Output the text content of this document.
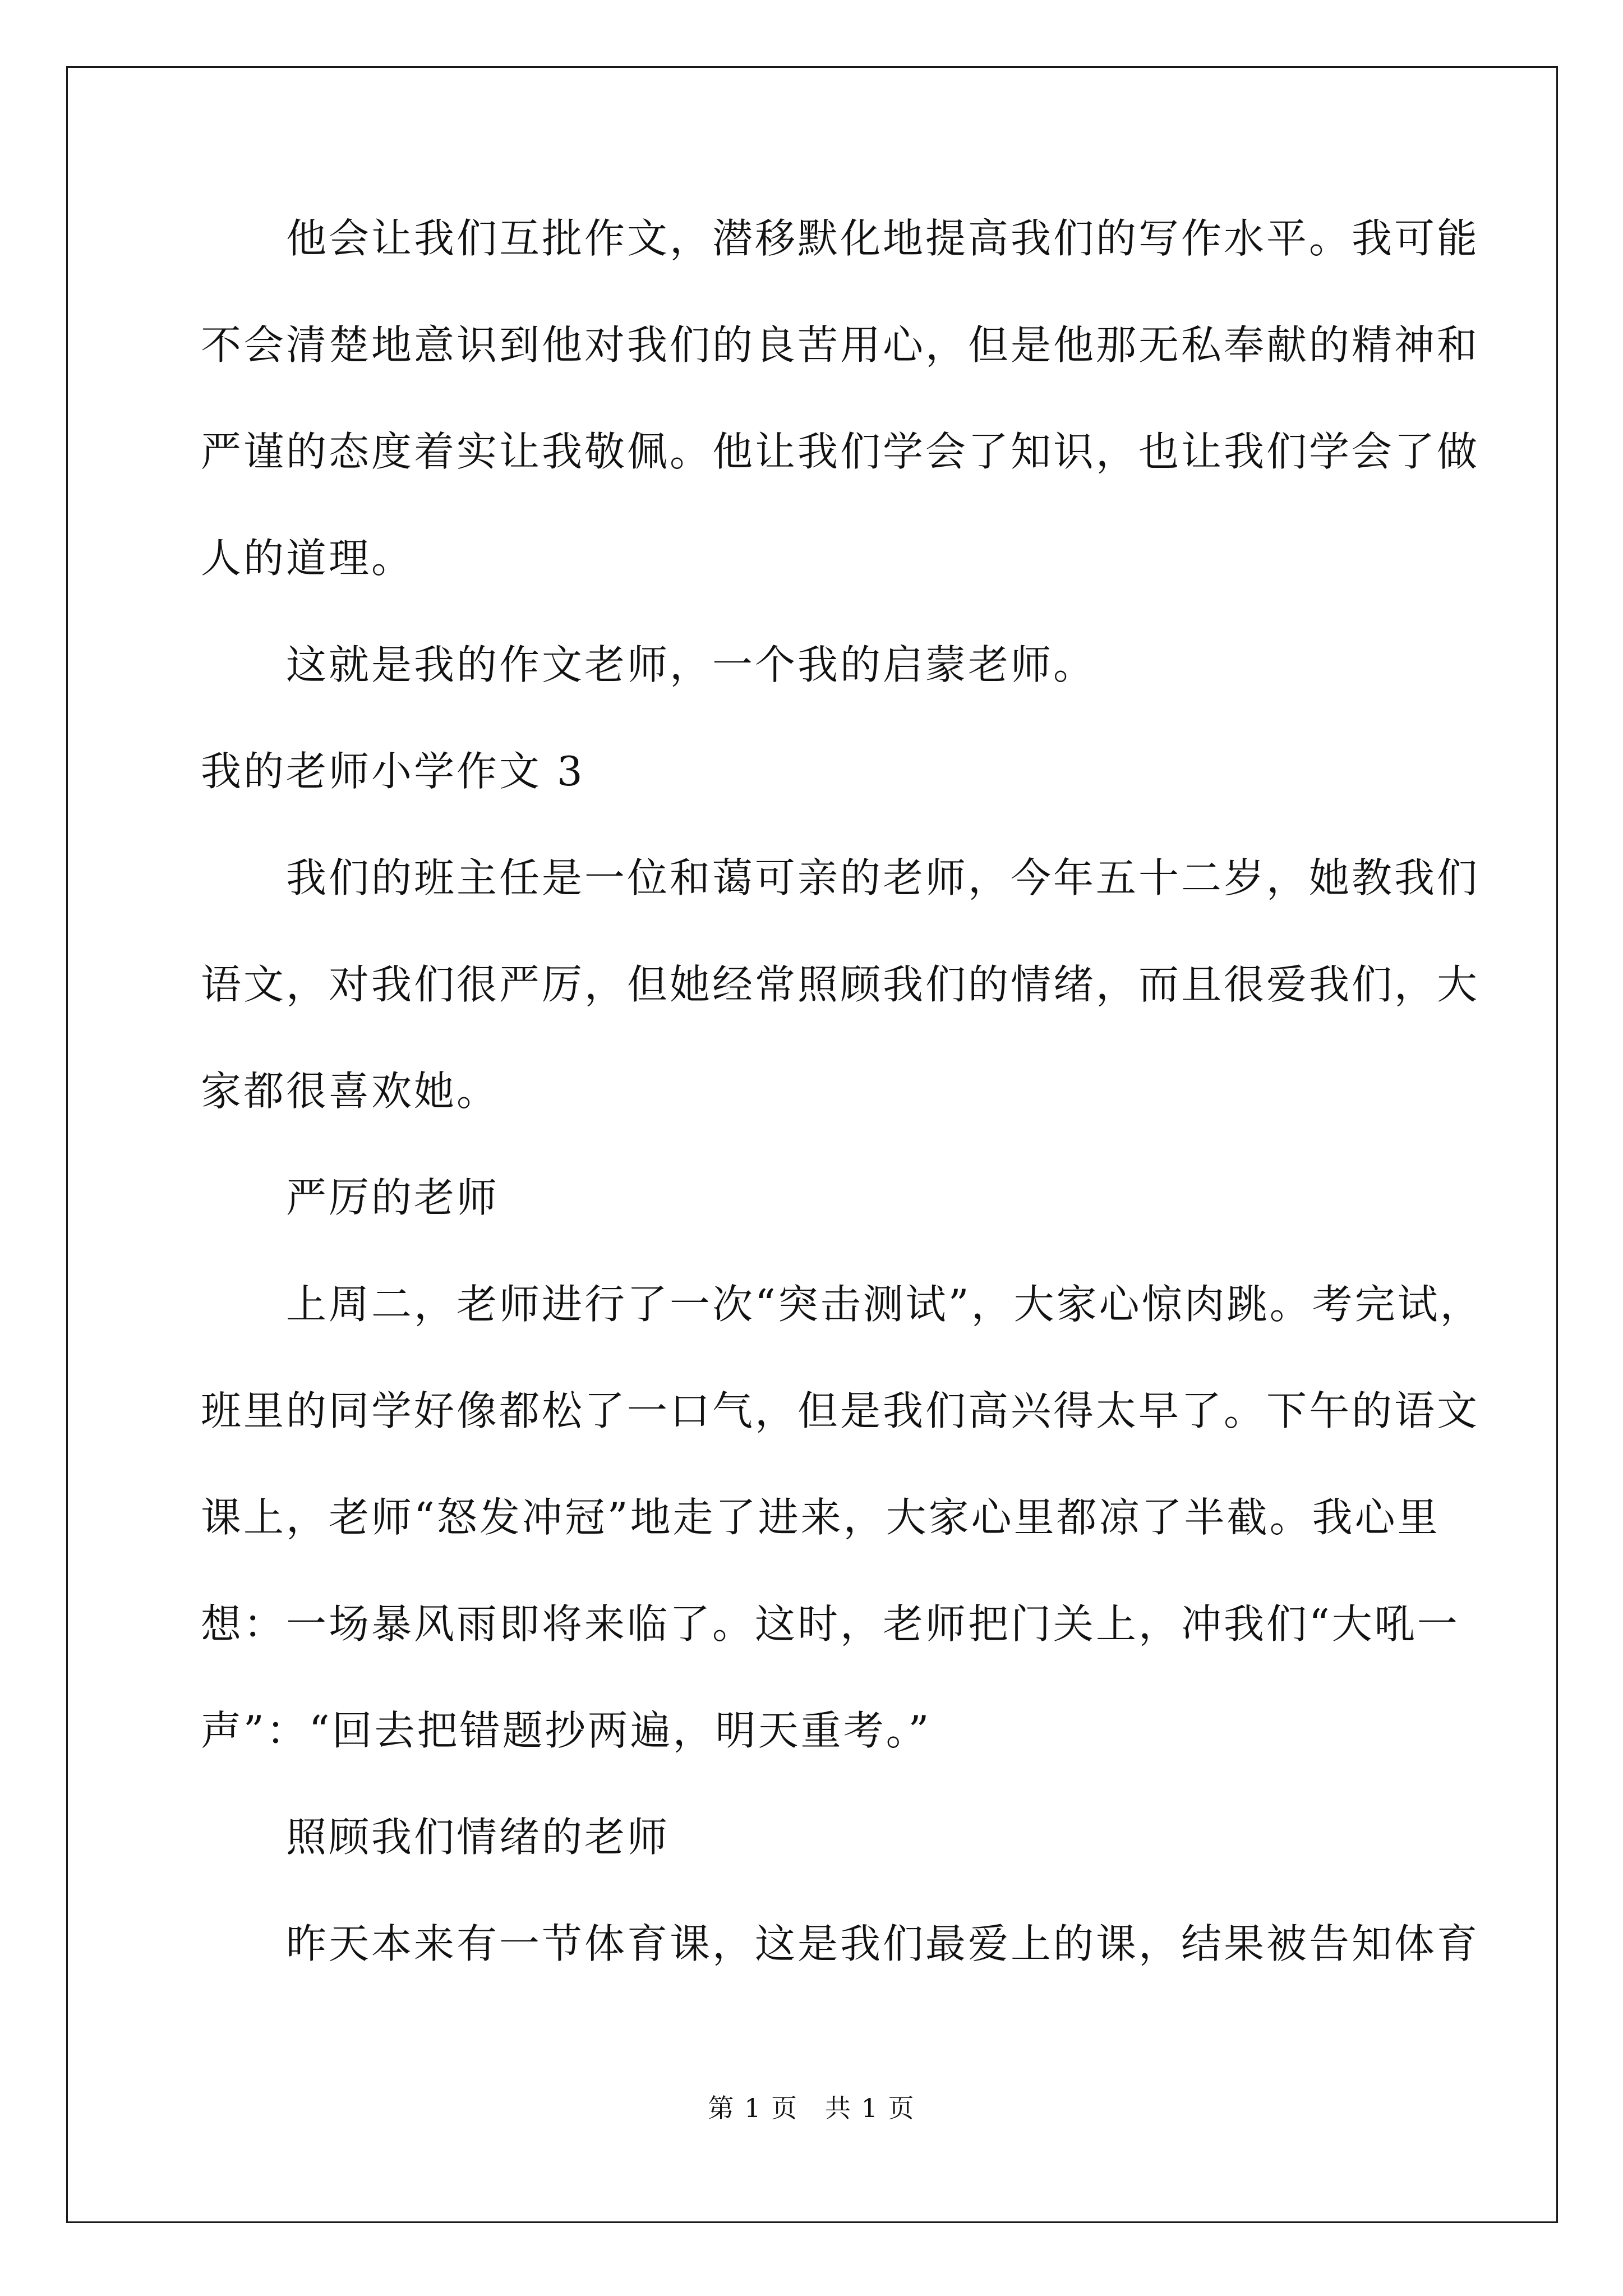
　　他会让我们互批作文，潜移默化地提高我们的写作水平。我可能
不会清楚地意识到他对我们的良苦用心，但是他那无私奉献的精神和
严谨的态度着实让我敬佩。他让我们学会了知识，也让我们学会了做
人的道理。
　　这就是我的作文老师，一个我的启蒙老师。
我的老师小学作文 3
　　我们的班主任是一位和蔼可亲的老师，今年五十二岁，她教我们
语文，对我们很严厉，但她经常照顾我们的情绪，而且很爱我们，大
家都很喜欢她。
　　严厉的老师
　　上周二，老师进行了一次“突击测试”，大家心惊肉跳。考完试，
班里的同学好像都松了一口气，但是我们高兴得太早了。下午的语文
课上，老师“怒发冲冠”地走了进来，大家心里都凉了半截。我心里
想：一场暴风雨即将来临了。这时，老师把门关上，冲我们“大吼一
声”：“回去把错题抄两遍，明天重考。”
　　照顾我们情绪的老师
　　昨天本来有一节体育课，这是我们最爱上的课，结果被告知体育
第 1 页　共 1 页
